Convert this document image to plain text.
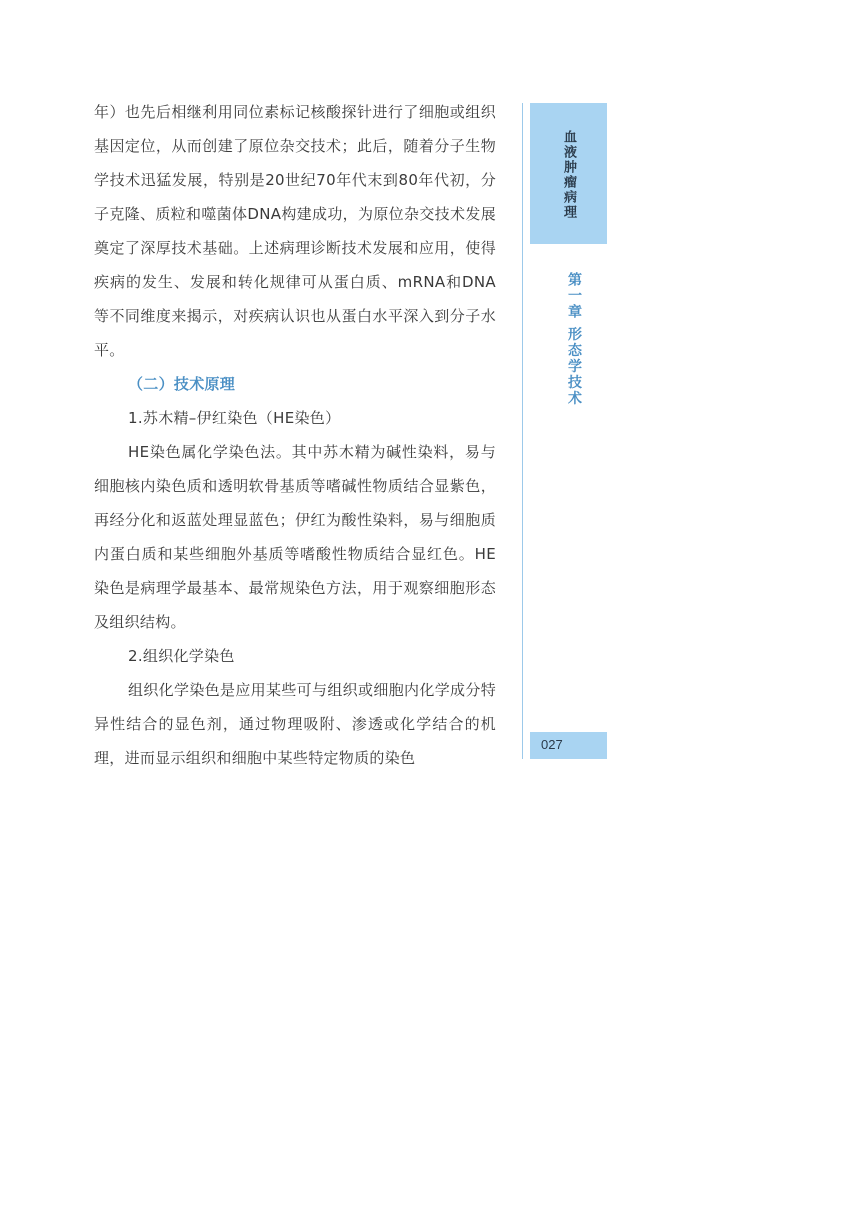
年）也先后相继利用同位素标记核酸探针进行了细胞或组织基因定位，从而创建了原位杂交技术；此后，随着分子生物学技术迅猛发展，特别是20世纪70年代末到80年代初，分子克隆、质粒和噬菌体DNA构建成功，为原位杂交技术发展奠定了深厚技术基础。上述病理诊断技术发展和应用，使得疾病的发生、发展和转化规律可从蛋白质、mRNA和DNA等不同维度来揭示，对疾病认识也从蛋白水平深入到分子水平。

（二）技术原理

1.苏木精–伊红染色（HE染色）

HE染色属化学染色法。其中苏木精为碱性染料，易与细胞核内染色质和透明软骨基质等嗜碱性物质结合显紫色，再经分化和返蓝处理显蓝色；伊红为酸性染料，易与细胞质内蛋白质和某些细胞外基质等嗜酸性物质结合显红色。HE染色是病理学最基本、最常规染色方法，用于观察细胞形态及组织结构。

2.组织化学染色

组织化学染色是应用某些可与组织或细胞内化学成分特异性结合的显色剂，通过物理吸附、渗透或化学结合的机理，进而显示组织和细胞中某些特定物质的染色

血液肿瘤病理
第一章 形态学技术
027
